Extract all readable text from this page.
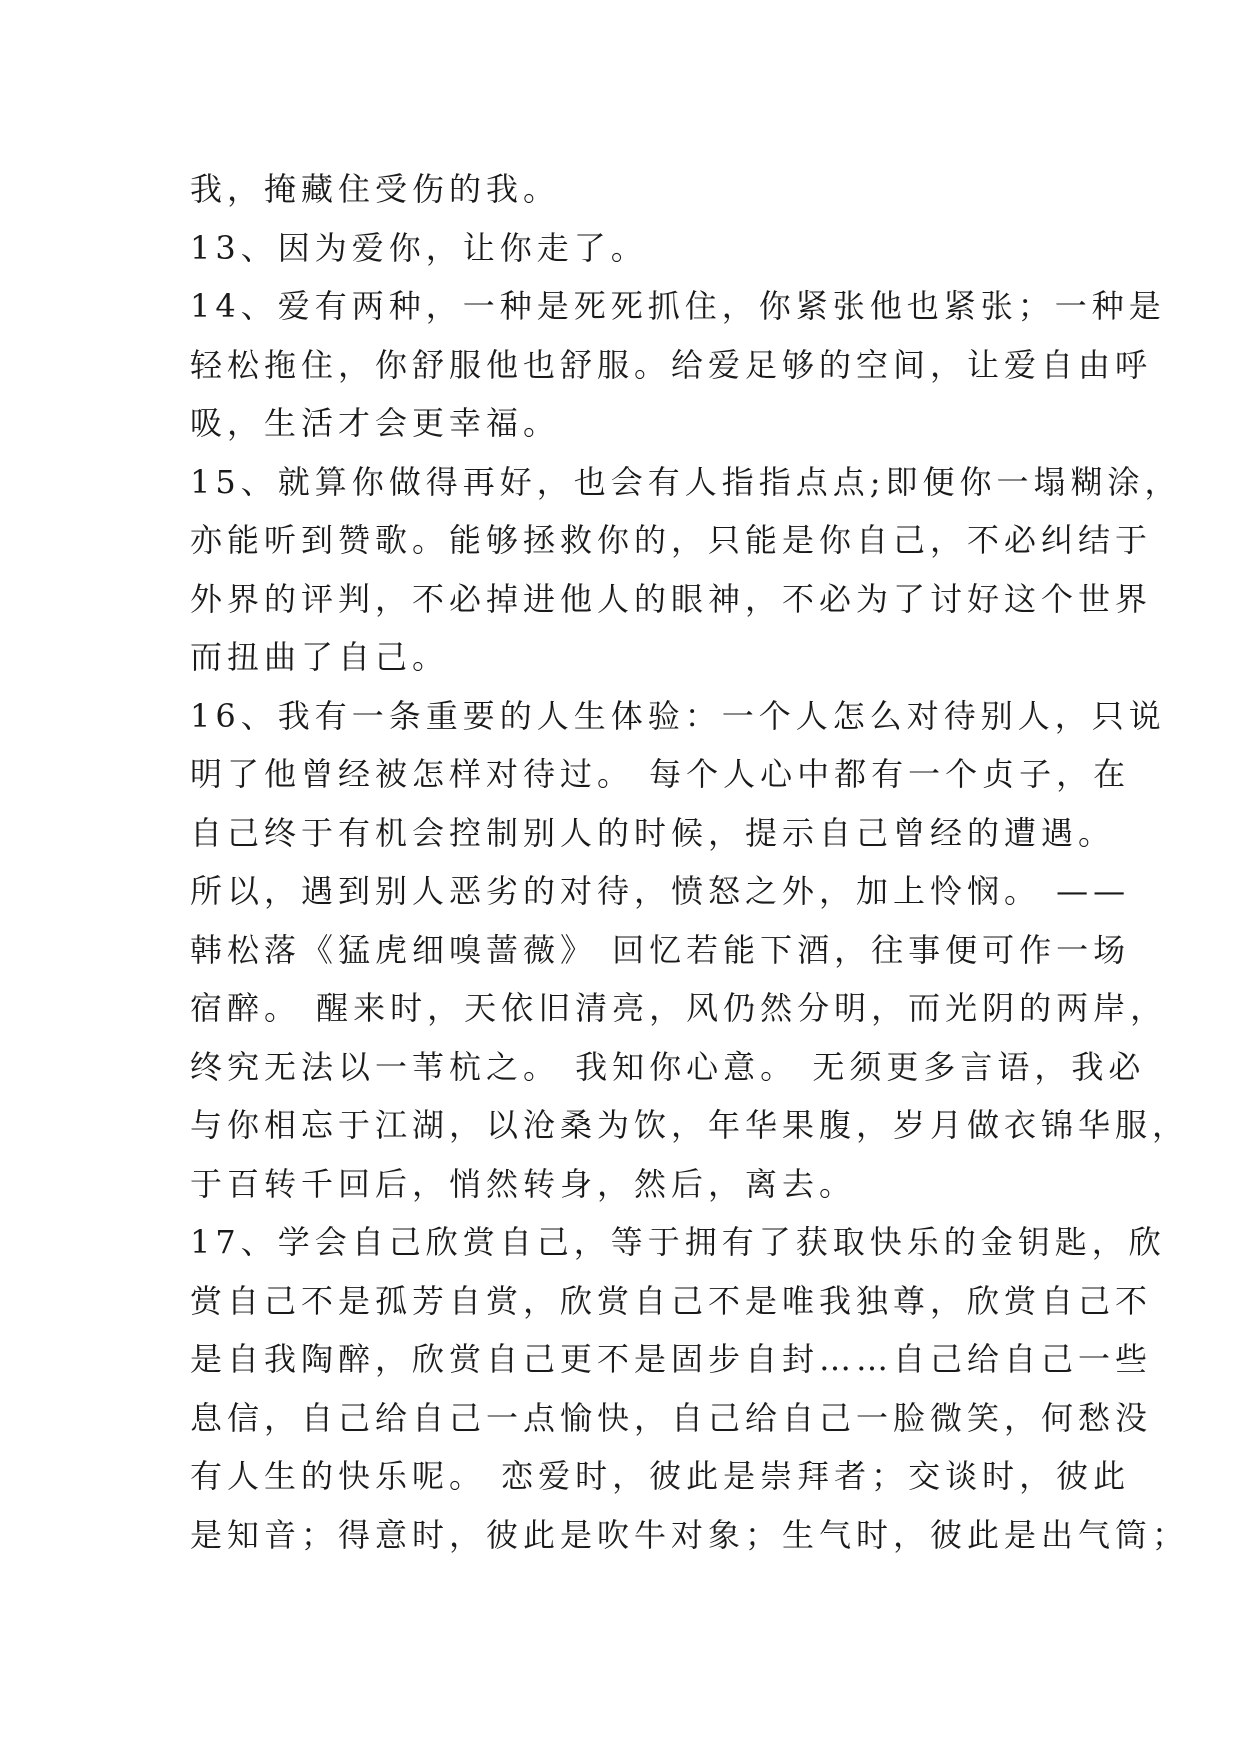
我，掩藏住受伤的我。
13、因为爱你，让你走了。
14、爱有两种，一种是死死抓住，你紧张他也紧张；一种是
轻松拖住，你舒服他也舒服。给爱足够的空间，让爱自由呼
吸，生活才会更幸福。
15、就算你做得再好，也会有人指指点点;即便你一塌糊涂，
亦能听到赞歌。能够拯救你的，只能是你自己，不必纠结于
外界的评判，不必掉进他人的眼神，不必为了讨好这个世界
而扭曲了自己。
16、我有一条重要的人生体验：一个人怎么对待别人，只说
明了他曾经被怎样对待过。 每个人心中都有一个贞子，在
自己终于有机会控制别人的时候，提示自己曾经的遭遇。
所以，遇到别人恶劣的对待，愤怒之外，加上怜悯。 ——
韩松落《猛虎细嗅蔷薇》 回忆若能下酒，往事便可作一场
宿醉。 醒来时，天依旧清亮，风仍然分明，而光阴的两岸，
终究无法以一苇杭之。 我知你心意。 无须更多言语，我必
与你相忘于江湖，以沧桑为饮，年华果腹，岁月做衣锦华服，
于百转千回后，悄然转身，然后，离去。
17、学会自己欣赏自己，等于拥有了获取快乐的金钥匙，欣
赏自己不是孤芳自赏，欣赏自己不是唯我独尊，欣赏自己不
是自我陶醉，欣赏自己更不是固步自封……自己给自己一些
息信，自己给自己一点愉快，自己给自己一脸微笑，何愁没
有人生的快乐呢。 恋爱时，彼此是崇拜者；交谈时，彼此
是知音；得意时，彼此是吹牛对象；生气时，彼此是出气筒；
